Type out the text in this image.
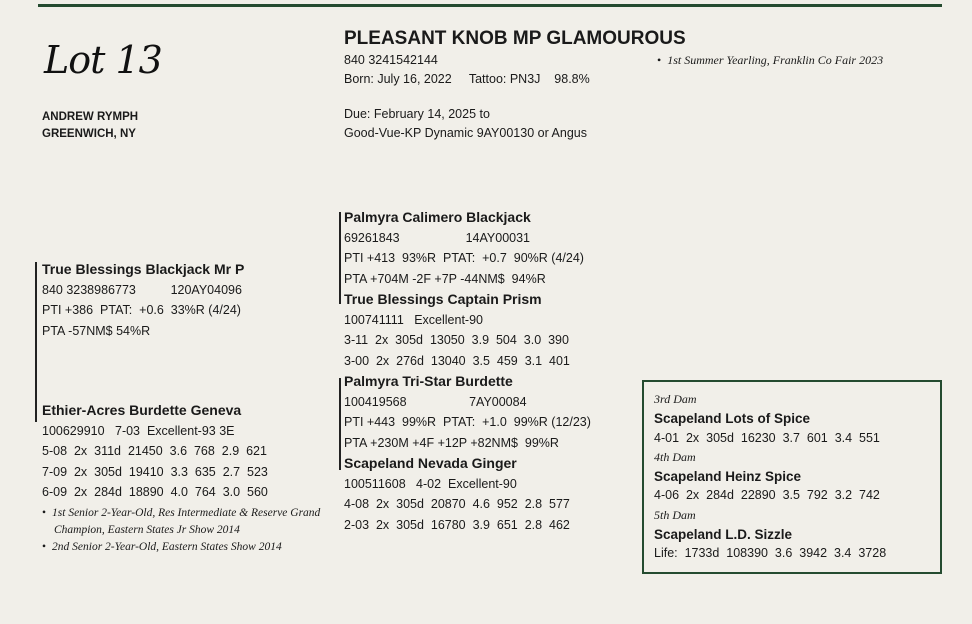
Lot 13
ANDREW RYMPH
GREENWICH, NY
PLEASANT KNOB MP GLAMOUROUS
840 3241542144
Born: July 16, 2022     Tattoo: PN3J    98.8%
Due: February 14, 2025 to
Good-Vue-KP Dynamic 9AY00130 or Angus
• 1st Summer Yearling, Franklin Co Fair 2023
True Blessings Blackjack Mr P
840 3238986773          120AY04096
PTI +386  PTAT:  +0.6  33%R (4/24)
PTA -57NM$ 54%R
Ethier-Acres Burdette Geneva
100629910   7-03  Excellent-93 3E
5-08  2x  311d  21450  3.6  768  2.9  621
7-09  2x  305d  19410  3.3  635  2.7  523
6-09  2x  284d  18890  4.0  764  3.0  560
• 1st Senior 2-Year-Old, Res Intermediate & Reserve Grand Champion, Eastern States Jr Show 2014
• 2nd Senior 2-Year-Old, Eastern States Show 2014
Palmyra Calimero Blackjack
69261843                   14AY00031
PTI +413  93%R  PTAT:  +0.7  90%R (4/24)
PTA +704M -2F +7P -44NM$  94%R
True Blessings Captain Prism
100741111   Excellent-90
3-11  2x  305d  13050  3.9  504  3.0  390
3-00  2x  276d  13040  3.5  459  3.1  401
Palmyra Tri-Star Burdette
100419568                  7AY00084
PTI +443  99%R  PTAT:  +1.0  99%R (12/23)
PTA +230M +4F +12P +82NM$  99%R
Scapeland Nevada Ginger
100511608   4-02  Excellent-90
4-08  2x  305d  20870  4.6  952  2.8  577
2-03  2x  305d  16780  3.9  651  2.8  462
3rd Dam
Scapeland Lots of Spice
4-01  2x  305d  16230  3.7  601  3.4  551
4th Dam
Scapeland Heinz Spice
4-06  2x  284d  22890  3.5  792  3.2  742
5th Dam
Scapeland L.D. Sizzle
Life:  1733d  108390  3.6  3942  3.4  3728
